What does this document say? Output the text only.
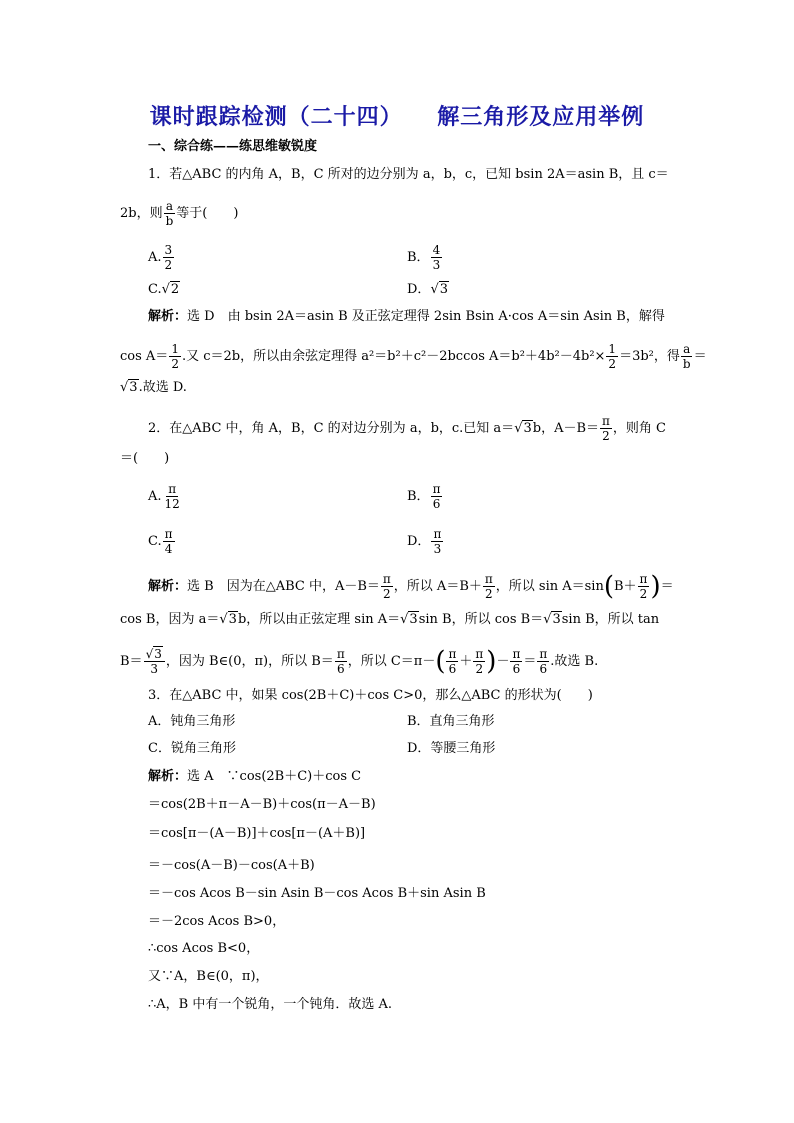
课时跟踪检测（二十四）    解三角形及应用举例
一、综合练——练思维敏锐度
1．若△ABC 的内角 A，B，C 所对的边分别为 a，b，c，已知 bsin 2A＝asin B，且 c＝
2b，则 $\frac{a}{b}$ 等于(　　)
A. $\frac{3}{2}$	B． $\frac{4}{3}$
C.√2	D．√3
解析：选 D　由 bsin 2A＝asin B 及正弦定理得 2sin Bsin A·cos A＝sin Asin B，解得
$\cos A= \frac{1}{2}$ .又 c＝2b，所以由余弦定理得 a²＝b²＋c²－2bccos $A=b^2+4b^2-4b^2\times \frac{1}{2} =3b^2$，得 $\frac{a}{b}$ ＝
√3.故选 D.
2．在△ABC 中，角 A，B，C 的对边分别为 a，b，c.已知 a＝√3b，$A-B= \frac{\pi}{2}$ ，则角 C
＝(　　)
A. $\frac{\pi}{12}$	B． $\frac{\pi}{6}$
C. $\frac{\pi}{4}$	D． $\frac{\pi}{3}$
解析：选 B　因为在△ABC 中，$A-B= \frac{\pi}{2}$ ，所以 $A=B+ \frac{\pi}{2}$ ，所以 $\sin A=\sin(B+ \frac{\pi}{2}$ )＝
cos B，因为 a＝√3b，所以由正弦定理 sin A＝√3sin B，所以 cos B＝√3sin B，所以 tan
$B= \frac{√3}{3}$ ，因为 B∈(0，π)，所以 $B= \frac{\pi}{6}$ ，所以 $C=\pi-( \frac{\pi}{6} + \frac{\pi}{2}$ )－ $\frac{\pi}{6} = \frac{\pi}{6}$ .故选 B.
3．在△ABC 中，如果 cos(2B＋C)＋cos C>0，那么△ABC 的形状为(　　)
A．钝角三角形	B．直角三角形
C．锐角三角形	D．等腰三角形
解析：选 A　∵cos(2B＋C)＋cos C
＝cos(2B＋π－A－B)＋cos(π－A－B)
＝cos[π－(A－B)]＋cos[π－(A＋B)]
＝－cos(A－B)－cos(A＋B)
＝－cos Acos B－sin Asin B－cos Acos B＋sin Asin B
＝－2cos Acos B>0，
∴cos Acos B<0，
又∵A，B∈(0，π)，
∴A，B 中有一个锐角，一个钝角．故选 A.
